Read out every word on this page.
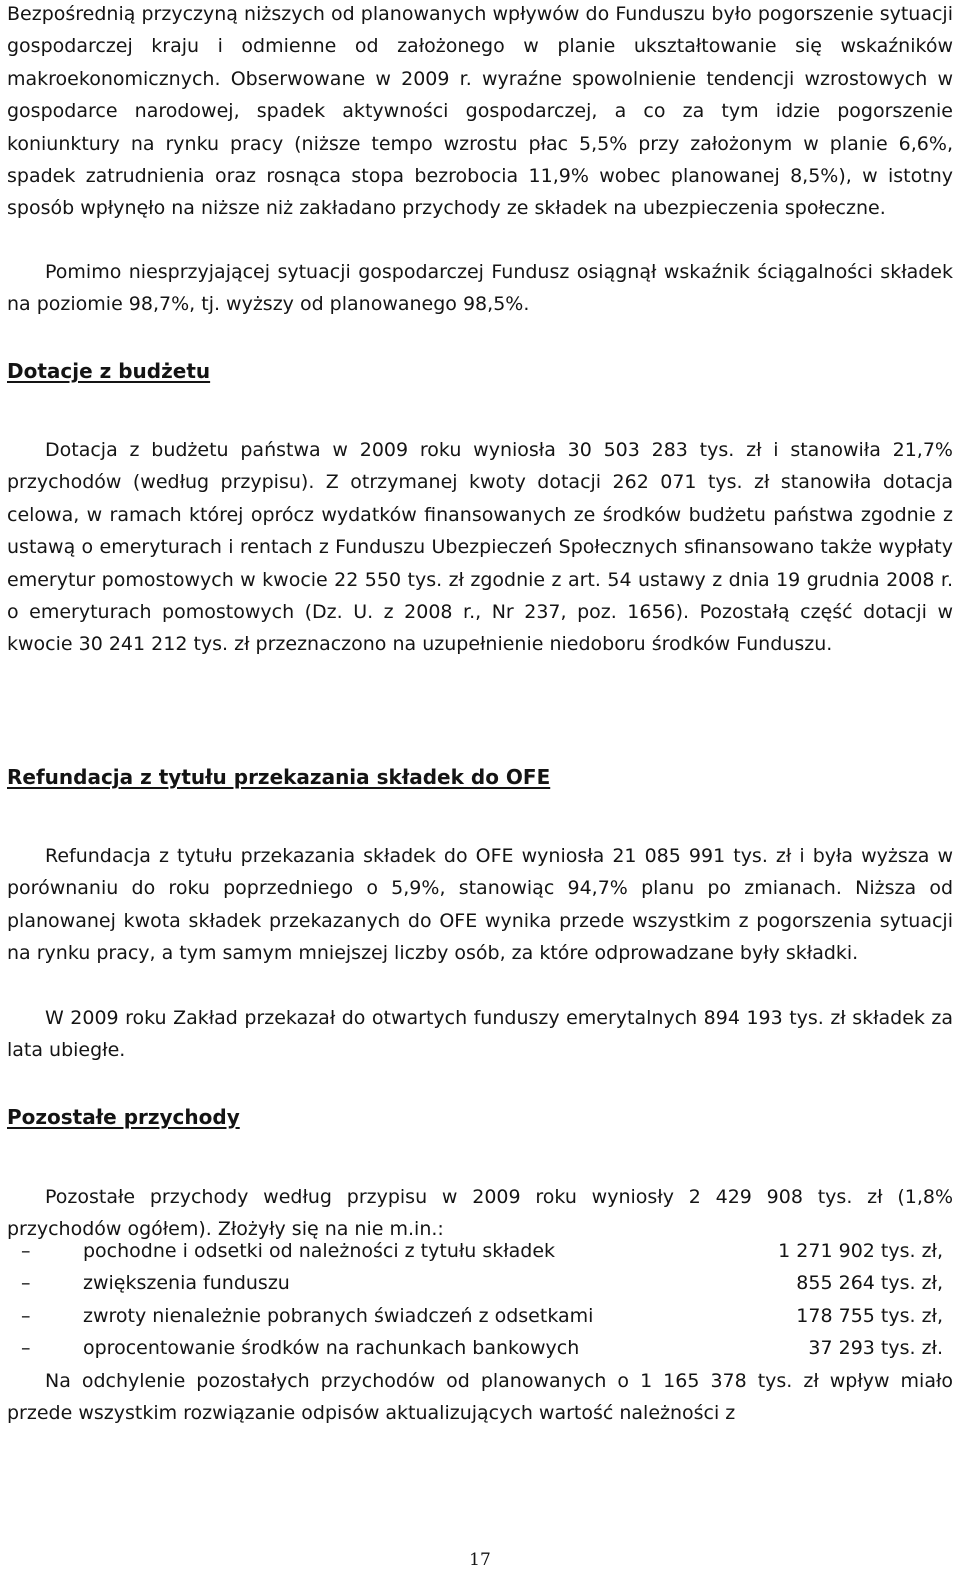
Bezpośrednią przyczyną niższych od planowanych wpływów do Funduszu było pogorszenie sytuacji gospodarczej kraju i odmienne od założonego w planie ukształtowanie się wskaźników makroekonomicznych. Obserwowane w 2009 r. wyraźne spowolnienie tendencji wzrostowych w gospodarce narodowej, spadek aktywności gospodarczej, a co za tym idzie pogorszenie koniunktury na rynku pracy (niższe tempo wzrostu płac 5,5% przy założonym w planie 6,6%, spadek zatrudnienia oraz rosnąca stopa bezrobocia 11,9% wobec planowanej 8,5%), w istotny sposób wpłynęło na niższe niż zakładano przychody ze składek na ubezpieczenia społeczne.

Pomimo niesprzyjającej sytuacji gospodarczej Fundusz osiągnął wskaźnik ściągalności składek na poziomie 98,7%, tj. wyższy od planowanego 98,5%.

Dotacje z budżetu

Dotacja z budżetu państwa w 2009 roku wyniosła 30 503 283 tys. zł i stanowiła 21,7% przychodów (według przypisu). Z otrzymanej kwoty dotacji 262 071 tys. zł stanowiła dotacja celowa, w ramach której oprócz wydatków finansowanych ze środków budżetu państwa zgodnie z ustawą o emeryturach i rentach z Funduszu Ubezpieczeń Społecznych sfinansowano także wypłaty emerytur pomostowych w kwocie 22 550 tys. zł zgodnie z art. 54 ustawy z dnia 19 grudnia 2008 r. o emeryturach pomostowych (Dz. U. z 2008 r., Nr 237, poz. 1656). Pozostałą część dotacji w kwocie 30 241 212 tys. zł przeznaczono na uzupełnienie niedoboru środków Funduszu.

Refundacja z tytułu przekazania składek do OFE

Refundacja z tytułu przekazania składek do OFE wyniosła 21 085 991 tys. zł i była wyższa w porównaniu do roku poprzedniego o 5,9%, stanowiąc 94,7% planu po zmianach. Niższa od planowanej kwota składek przekazanych do OFE wynika przede wszystkim z pogorszenia sytuacji na rynku pracy, a tym samym mniejszej liczby osób, za które odprowadzane były składki.

W 2009 roku Zakład przekazał do otwartych funduszy emerytalnych 894 193 tys. zł składek za lata ubiegłe.

Pozostałe przychody

Pozostałe przychody według przypisu w 2009 roku wyniosły 2 429 908 tys. zł (1,8% przychodów ogółem). Złożyły się na nie m.in.:

–	pochodne i odsetki od należności z tytułu składek	1 271 902 tys. zł,
–	zwiększenia funduszu	855 264 tys. zł,
–	zwroty nienależnie pobranych świadczeń z odsetkami	178 755 tys. zł,
–	oprocentowanie środków na rachunkach bankowych	37 293 tys. zł.

Na odchylenie pozostałych przychodów od planowanych o 1 165 378 tys. zł wpływ miało przede wszystkim rozwiązanie odpisów aktualizujących wartość należności z

17
